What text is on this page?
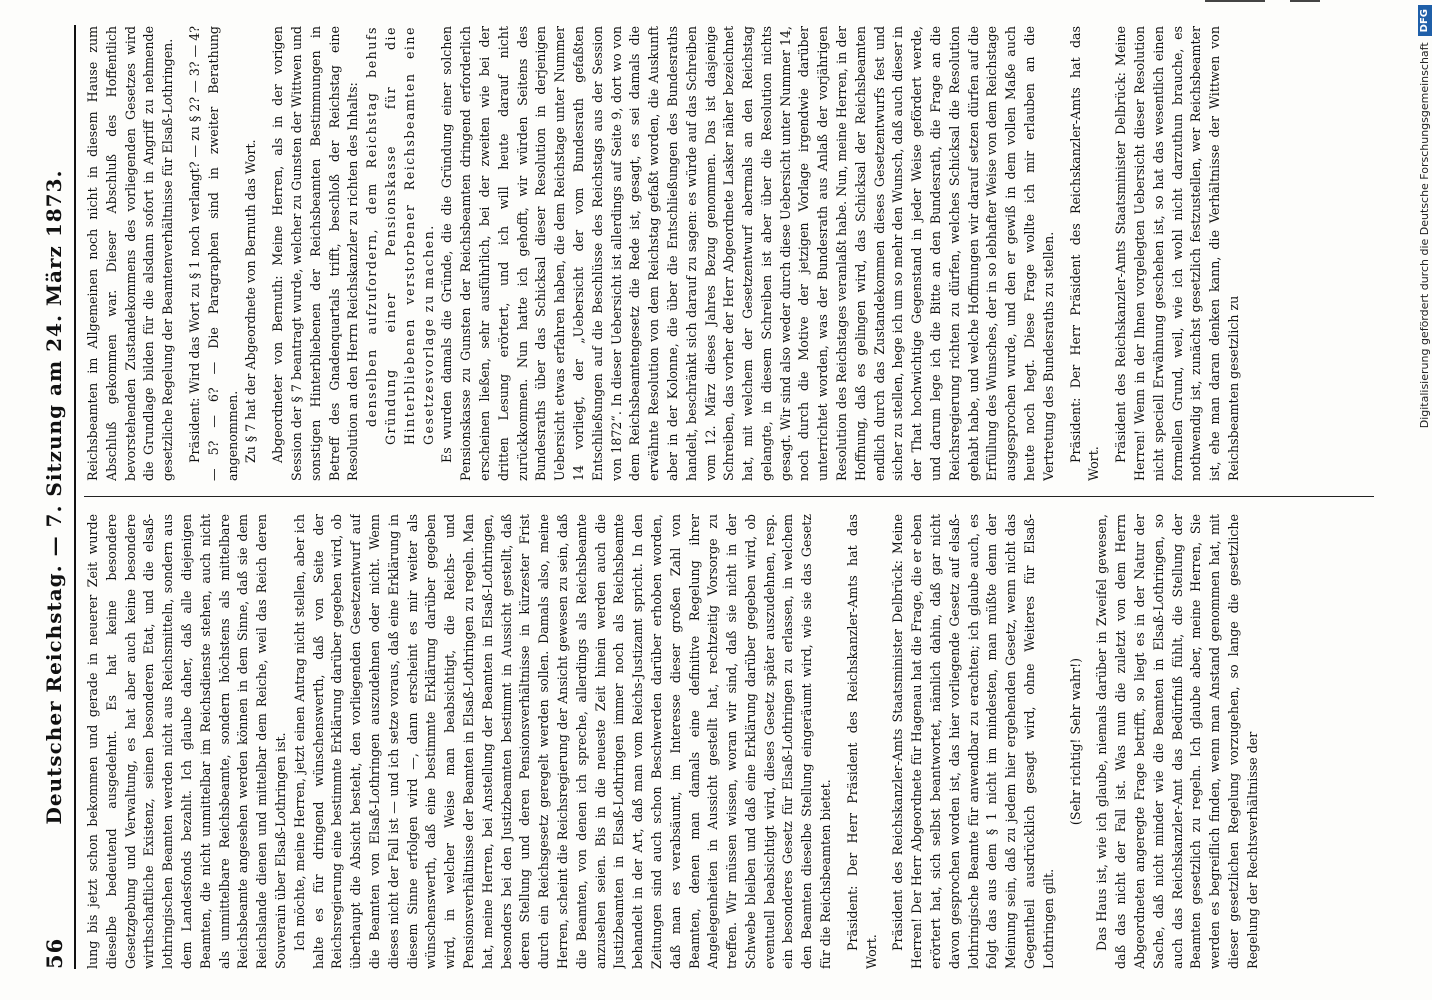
56
Deutscher Reichstag. — 7. Sitzung am 24. März 1873. lung bis jetzt schon bekommen und gerade in neuerer Zeit wurde dieselbe bedeutend ausgedehnt. Es hat keine besondere Gesetzgebung und Verwaltung, es hat aber auch keine besondere wirthschaftliche Existenz, seinen besonderen Etat, und die elsaß-lothringischen Beamten werden nicht aus Reichsmitteln, sondern aus dem Landesfonds bezahlt. Ich glaube daher, daß alle diejenigen Beamten, die nicht unmittelbar im Reichsdienste stehen, auch nicht als unmittelbare Reichsbeamte, sondern höchstens als mittelbare Reichsbeamte angesehen werden können in dem Sinne, daß sie dem Reichslande dienen und mittelbar dem Reiche, weil das Reich deren Souverain über Elsaß-Lothringen ist. Ich möchte, meine Herren, jetzt einen Antrag nicht stellen, aber ich halte es für dringend wünschenswerth, daß von Seite der Reichsregierung eine bestimmte Erklärung darüber gegeben wird, ob überhaupt die Absicht besteht, den vorliegenden Gesetzentwurf auf die Beamten von Elsaß-Lothringen auszudehnen oder nicht. Wenn dieses nicht der Fall ist — und ich setze voraus, daß eine Erklärung in diesem Sinne erfolgen wird —, dann erscheint es mir weiter als wünschenswerth, daß eine bestimmte Erklärung darüber gegeben wird, in welcher Weise man beabsichtigt, die Reichs- und Pensionsverhältnisse der Beamten in Elsaß-Lothringen zu regeln. Man hat, meine Herren, bei Anstellung der Beamten in Elsaß-Lothringen, besonders bei den Justizbeamten bestimmt in Aussicht gestellt, daß deren Stellung und deren Pensionsverhältnisse in kürzester Frist durch ein Reichsgesetz geregelt werden sollen. Damals also, meine Herren, scheint die Reichsregierung der Ansicht gewesen zu sein, daß die Beamten, von denen ich spreche, allerdings als Reichsbeamte anzusehen seien. Bis in die neueste Zeit hinein werden auch die Justizbeamten in Elsaß-Lothringen immer noch als Reichsbeamte behandelt in der Art, daß man vom Reichs-Justizamt spricht. In den Zeitungen sind auch schon Beschwerden darüber erhoben worden, daß man es verabsäumt, im Interesse dieser großen Zahl von Beamten, denen man damals eine definitive Regelung ihrer Angelegenheiten in Aussicht gestellt hat, rechtzeitig Vorsorge zu treffen. Wir müssen wissen, woran wir sind, daß sie nicht in der Schwebe bleiben und daß eine Erklärung darüber gegeben wird, ob eventuell beabsichtigt wird, dieses Gesetz später auszudehnen, resp. ein besonderes Gesetz für Elsaß-Lothringen zu erlassen, in welchem den Beamten dieselbe Stellung eingeräumt wird, wie sie das Gesetz für die Reichsbeamten bietet. Präsident: Der Herr Präsident des Reichskanzler-Amts hat das Wort.

Präsident des Reichskanzler-Amts Staatsminister Delbrück: Meine Herren! Der Herr Abgeordnete für Hagenau hat die Frage, die er eben erörtert hat, sich selbst beantwortet, nämlich dahin, daß gar nicht davon gesprochen worden ist, das hier vorliegende Gesetz auf elsaß-lothringische Beamte für anwendbar zu erachten; ich glaube auch, es folgt das aus dem § 1 nicht im mindesten, man müßte denn der Meinung sein, daß zu jedem hier ergehenden Gesetz, wenn nicht das Gegentheil ausdrücklich gesagt wird, ohne Weiteres für Elsaß-Lothringen gilt.

(Sehr richtig! Sehr wahr!) Das Haus ist, wie ich glaube, niemals darüber in Zweifel gewesen, daß das nicht der Fall ist. Was nun die zuletzt von dem Herrn Abgeordneten angeregte Frage betrifft, so liegt es in der Natur der Sache, daß nicht minder wie die Beamten in Elsaß-Lothringen, so auch das Reichskanzler-Amt das Bedürfniß fühlt, die Stellung der Beamten gesetzlich zu regeln. Ich glaube aber, meine Herren, Sie werden es begreiflich finden, wenn man Anstand genommen hat, mit dieser gesetzlichen Regelung vorzugehen, so lange die gesetzliche Regelung der Rechtsverhältnisse der

Reichsbeamten im Allgemeinen noch nicht in diesem Hause zum Abschluß gekommen war. Dieser Abschluß des Hoffentlich bevorstehenden Zustandekommens des vorliegenden Gesetzes wird die Grundlage bilden für die alsdann sofort in Angriff zu nehmende gesetzliche Regelung der Beamtenverhältnisse für Elsaß-Lothringen. Präsident: Wird das Wort zu § 1 noch verlangt? — zu § 2? — 3? — 4? — 5? — 6? — Die Paragraphen sind in zweiter Berathung angenommen. Zu § 7 hat der Abgeordnete von Bernuth das Wort. Abgeordneter von Bernuth: Meine Herren, als in der vorigen Session der § 7 beantragt wurde, welcher zu Gunsten der Wittwen und sonstigen Hinterbliebenen der Reichsbeamten Bestimmungen in Betreff des Gnadenquartals trifft, beschloß der Reichstag eine Resolution an den Herrn Reichskanzler zu richten des Inhalts: denselben aufzufordern, dem Reichstag behufs Gründung einer Pensionskasse für die Hinterbliebenen verstorbener Reichsbeamten eine Gesetzesvorlage zu machen. Es wurden damals die Gründe, die die Gründung einer solchen Pensionskasse zu Gunsten der Reichsbeamten dringend erforderlich erscheinen ließen, sehr ausführlich, bei der zweiten wie bei der dritten Lesung erörtert, und ich will heute darauf nicht zurückkommen. Nun hatte ich gehofft, wir würden Seitens des Bundesraths über das Schicksal dieser Resolution in derjenigen Uebersicht etwas erfahren haben, die dem Reichstage unter Nummer 14 vorliegt, der „Uebersicht der vom Bundesrath gefaßten Entschließungen auf die Beschlüsse des Reichstags aus der Session von 1872“. In dieser Uebersicht ist allerdings auf Seite 9, dort wo von dem Reichsbeamtengesetz die Rede ist, gesagt, es sei damals die erwähnte Resolution von dem Reichstag gefaßt worden, die Auskunft aber in der Kolonne, die über die Entschließungen des Bundesraths handelt, beschränkt sich darauf zu sagen: es würde auf das Schreiben vom 12. März dieses Jahres Bezug genommen. Das ist dasjenige Schreiben, das vorher der Herr Abgeordnete Lasker näher bezeichnet hat, mit welchem der Gesetzentwurf abermals an den Reichstag gelangte, in diesem Schreiben ist aber über die Resolution nichts gesagt. Wir sind also weder durch diese Uebersicht unter Nummer 14, noch durch die Motive der jetzigen Vorlage irgendwie darüber unterrichtet worden, was der Bundesrath aus Anlaß der vorjährigen Resolution des Reichstages veranlaßt habe. Nun, meine Herren, in der Hoffnung, daß es gelingen wird, das Schicksal der Reichsbeamten endlich durch das Zustandekommen dieses Gesetzentwurfs fest und sicher zu stellen, hege ich um so mehr den Wunsch, daß auch dieser in der That hochwichtige Gegenstand in jeder Weise gefördert werde, und darum lege ich die Bitte an den Bundesrath, die Frage an die Reichsregierung richten zu dürfen, welches Schicksal die Resolution gehabt habe, und welche Hoffnungen wir darauf setzen dürfen auf die Erfüllung des Wunsches, der in so lebhafter Weise von dem Reichstage ausgesprochen wurde, und den er gewiß in dem vollen Maße auch heute noch hegt. Diese Frage wollte ich mir erlauben an die Vertretung des Bundesraths zu stellen. Präsident: Der Herr Präsident des Reichskanzler-Amts hat das Wort.

Präsident des Reichskanzler-Amts Staatsminister Delbrück: Meine Herren! Wenn in der Ihnen vorgelegten Uebersicht dieser Resolution nicht speciell Erwähnung geschehen ist, so hat das wesentlich einen formellen Grund, weil, wie ich wohl nicht darzuthun brauche, es nothwendig ist, zunächst gesetzlich festzustellen, wer Reichsbeamter ist, ehe man daran denken kann, die Verhältnisse der Wittwen von Reichsbeamten gesetzlich zu	Digitalisierung gefördert durch die Deutsche Forschungsgemeinschaft
DFG
